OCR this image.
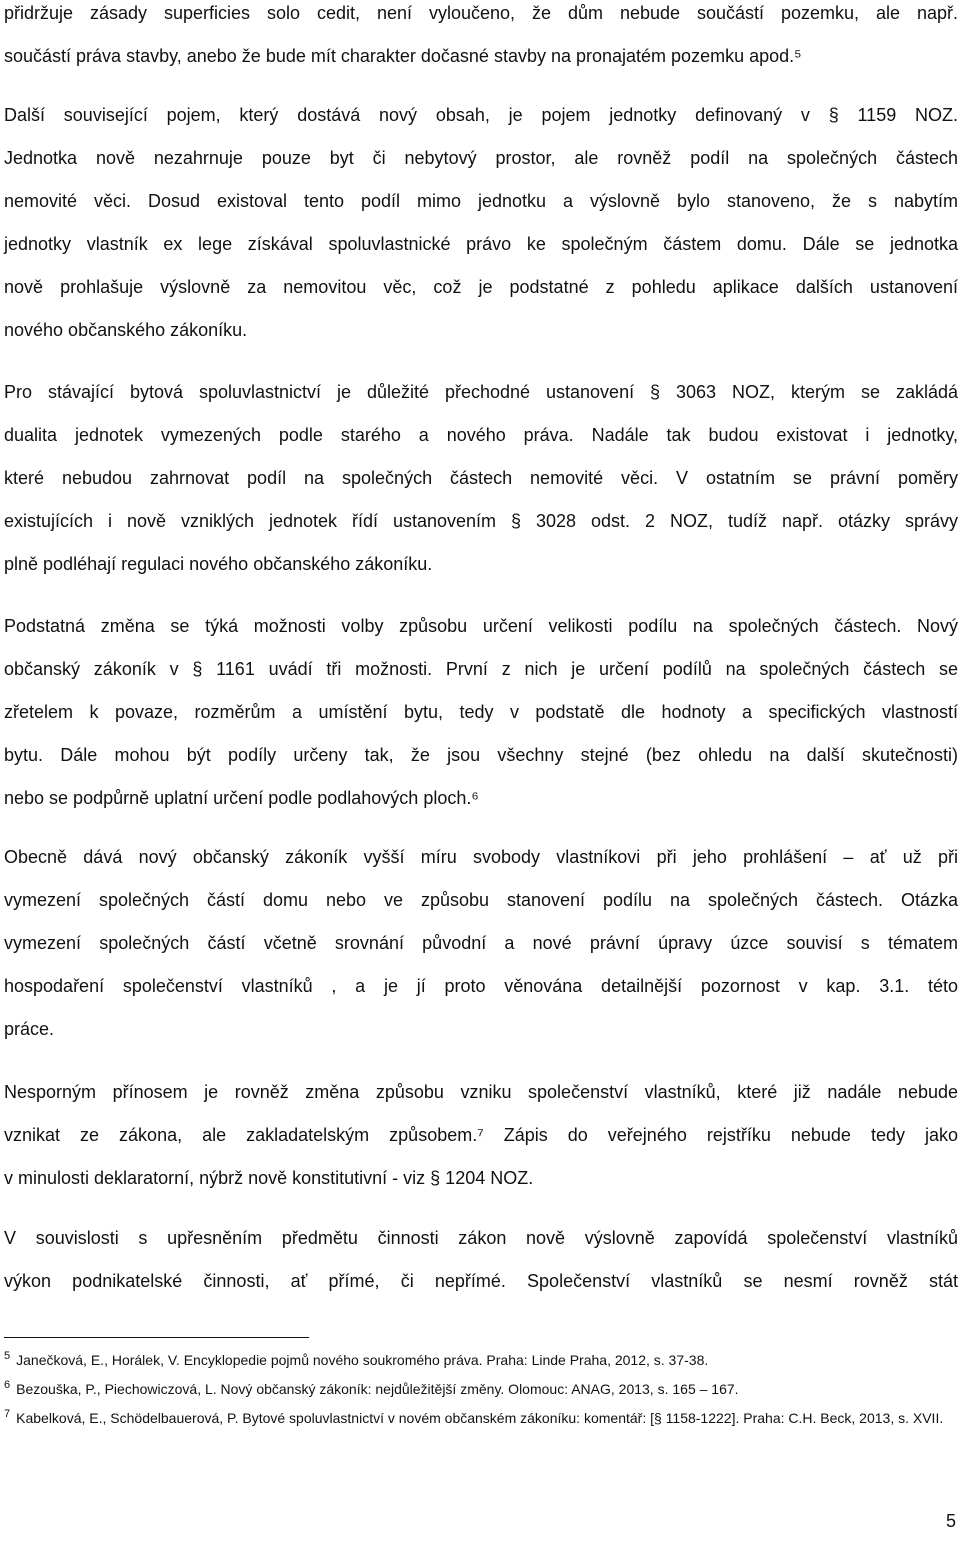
přidržuje zásady superficies solo cedit, není vyloučeno, že dům nebude součástí pozemku, ale např.
součástí práva stavby, anebo že bude mít charakter dočasné stavby na pronajatém pozemku apod.⁵
Další související pojem, který dostává nový obsah, je pojem jednotky definovaný v § 1159 NOZ.
Jednotka nově nezahrnuje pouze byt či nebytový prostor, ale rovněž podíl na společných částech
nemovité věci. Dosud existoval tento podíl mimo jednotku a výslovně bylo stanoveno, že s nabytím
jednotky vlastník ex lege získával spoluvlastnické právo ke společným částem domu. Dále se jednotka
nově prohlašuje výslovně za nemovitou věc, což je podstatné z pohledu aplikace dalších ustanovení
nového občanského zákoníku.
Pro stávající bytová spoluvlastnictví je důležité přechodné ustanovení § 3063 NOZ, kterým se zakládá
dualita jednotek vymezených podle starého a nového práva. Nadále tak budou existovat i jednotky,
které nebudou zahrnovat podíl na společných částech nemovité věci. V ostatním se právní poměry
existujících i nově vzniklých jednotek řídí ustanovením § 3028 odst. 2 NOZ, tudíž např. otázky správy
plně podléhají regulaci nového občanského zákoníku.
Podstatná změna se týká možnosti volby způsobu určení velikosti podílu na společných částech. Nový
občanský zákoník v § 1161 uvádí tři možnosti. První z nich je určení podílů na společných částech se
zřetelem k povaze, rozměrům a umístění bytu, tedy v podstatě dle hodnoty a specifických vlastností
bytu. Dále mohou být podíly určeny tak, že jsou všechny stejné (bez ohledu na další skutečnosti)
nebo se podpůrně uplatní určení podle podlahových ploch.⁶
Obecně dává nový občanský zákoník vyšší míru svobody vlastníkovi při jeho prohlášení – ať už při
vymezení společných částí domu nebo ve způsobu stanovení podílu na společných částech. Otázka
vymezení společných částí včetně srovnání původní a nové právní úpravy úzce souvisí s tématem
hospodaření společenství vlastníků , a je jí proto věnována detailnější pozornost v kap. 3.1. této
práce.
Nesporným přínosem je rovněž změna způsobu vzniku společenství vlastníků, které již nadále nebude
vznikat ze zákona, ale zakladatelským způsobem.⁷ Zápis do veřejného rejstříku nebude tedy jako
v minulosti deklaratorní, nýbrž nově konstitutivní - viz § 1204 NOZ.
V souvislosti s upřesněním předmětu činnosti zákon nově výslovně zapovídá společenství vlastníků
výkon podnikatelské činnosti, ať přímé, či nepřímé. Společenství vlastníků se nesmí rovněž stát

$^5$ Janečková, E., Horálek, V. Encyklopedie pojmů nového soukromého práva. Praha: Linde Praha, 2012, s. 37-38.

$^6$ Bezouška, P., Piechowiczová, L. Nový občanský zákoník: nejdůležitější změny. Olomouc: ANAG, 2013, s. 165 – 167.

$^7$ Kabelková, E., Schödelbauerová, P. Bytové spoluvlastnictví v novém občanském zákoníku: komentář: [§ 1158-1222]. Praha: C.H. Beck, 2013, s. XVII.

5
